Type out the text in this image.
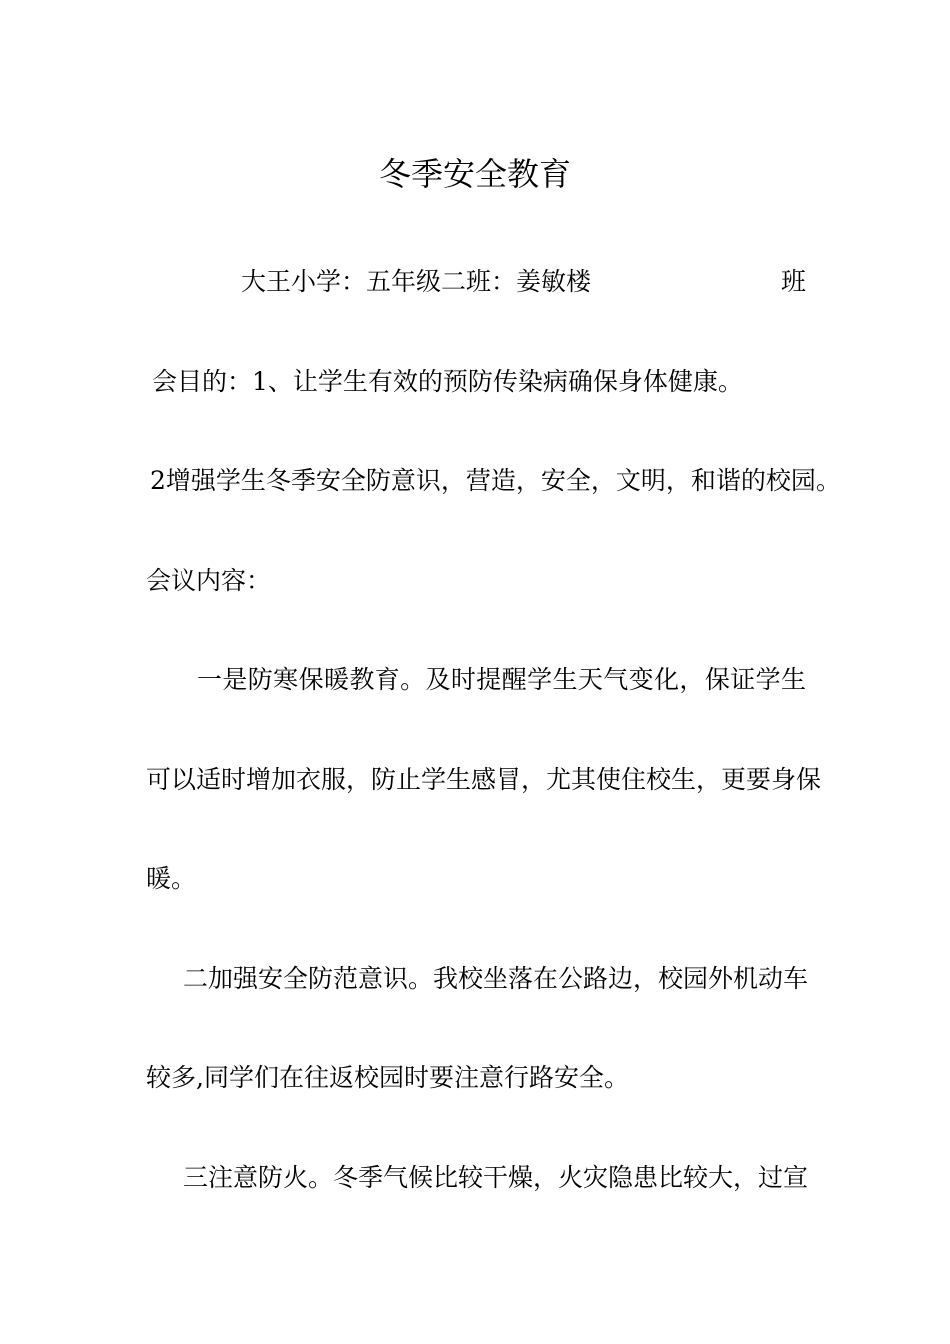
冬季安全教育
大王小学：五年级二班：姜敏楼	班
会目的：1、让学生有效的预防传染病确保身体健康。
2增强学生冬季安全防意识，营造，安全，文明，和谐的校园。
会议内容：
一是防寒保暖教育。及时提醒学生天气变化，保证学生
可以适时增加衣服，防止学生感冒，尤其使住校生，更要身保
暖。
二加强安全防范意识。我校坐落在公路边，校园外机动车
较多,同学们在往返校园时要注意行路安全。
三注意防火。冬季气候比较干燥，火灾隐患比较大，过宣
